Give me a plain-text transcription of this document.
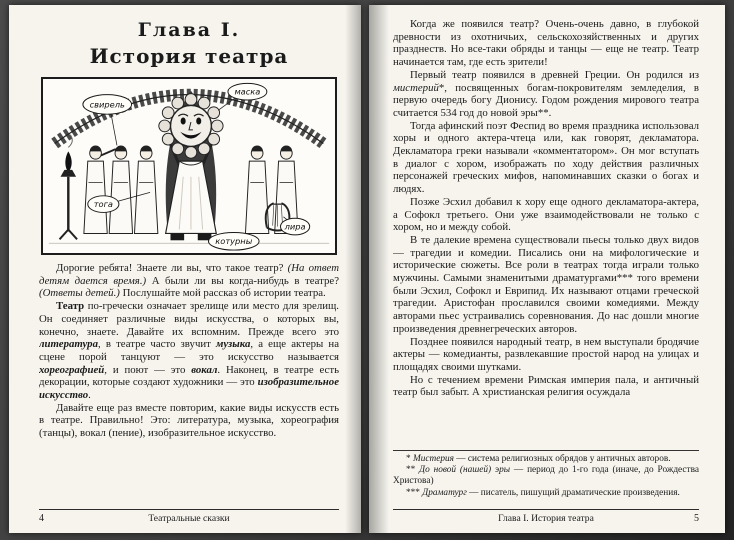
Глава I.
История театра
свирель
маска
тога
котурны
лира

Дорогие ребята! Знаете ли вы, что такое театр? (На ответ детям дается время.) А были ли вы когда-нибудь в театре? (Ответы детей.) Послушайте мой рассказ об истории театра.

Театр по-гречески означает зрелище или место для зрелищ. Он соединяет различные виды искусства, о которых вы, конечно, знаете. Давайте их вспомним. Прежде всего это литература, в театре часто звучит музыка, а еще актеры на сцене порой танцуют — это искусство называется хореографией, и поют — это вокал. Наконец, в театре есть декорации, которые создают художники — это изобразительное искусство.

Давайте еще раз вместе повторим, какие виды искусств есть в театре. Правильно! Это: литература, музыка, хореография (танцы), вокал (пение), изобразительное искусство.

4	Театральные сказки

Когда же появился театр? Очень-очень давно, в глубокой древности из охотничьих, сельскохозяйственных и других празднеств. Но все-таки обряды и танцы — еще не театр. Театр начинается там, где есть зрители!

Первый театр появился в древней Греции. Он родился из мистерий*, посвященных богам-покровителям земледелия, в первую очередь богу Дионису. Годом рождения мирового театра считается 534 год до новой эры**.

Тогда афинский поэт Феспид во время праздника использовал хоры и одного актера-чтеца или, как говорят, декламатора. Декламатора греки называли «комментатором». Он мог вступать в диалог с хором, изображать по ходу действия различных персонажей греческих мифов, напоминавших сказки о богах и людях.

Позже Эсхил добавил к хору еще одного декламатора-актера, а Софокл третьего. Они уже взаимодействовали не только с хором, но и между собой.

В те далекие времена существовали пьесы только двух видов — трагедии и комедии. Писались они на мифологические и исторические сюжеты. Все роли в театрах тогда играли только мужчины. Самыми знаменитыми драматургами*** того времени были Эсхил, Софокл и Еврипид. Их называют отцами греческой трагедии. Аристофан прославился своими комедиями. Между авторами пьес устраивались соревнования. До нас дошли многие произведения древнегреческих авторов.

Позднее появился народный театр, в нем выступали бродячие актеры — комедианты, развлекавшие простой народ на улицах и площадях своими шутками.

Но с течением времени Римская империя пала, и античный театр был забыт. А христианская религия осуждала

* Мистерия — система религиозных обрядов у античных авторов.

** До новой (нашей) эры — период до 1-го года (иначе, до Рождества Христова)

*** Драматург — писатель, пишущий драматические произведения.

Глава I. История театра	5
